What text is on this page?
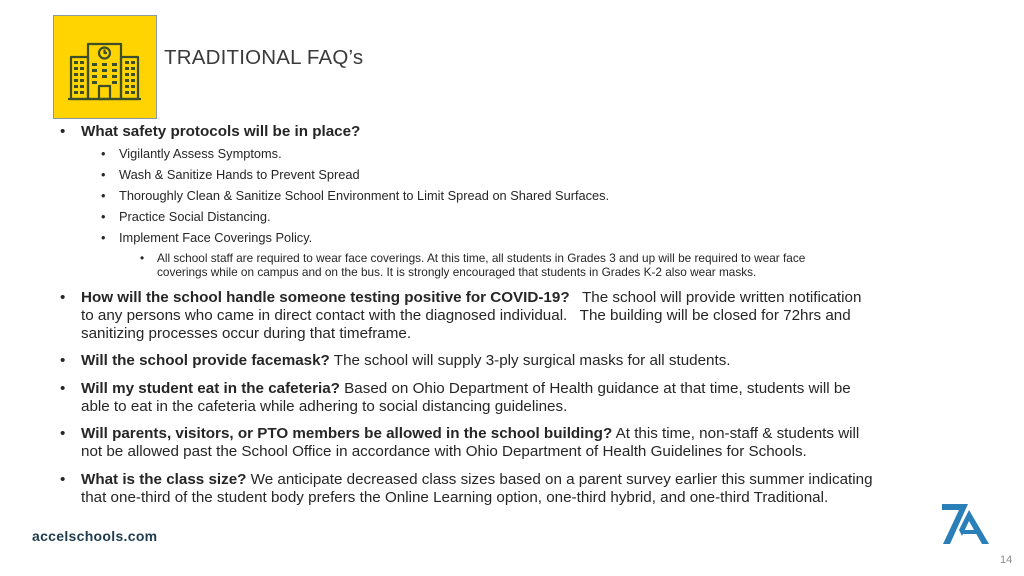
TRADITIONAL FAQ’s
• What safety protocols will be in place?
• Vigilantly Assess Symptoms.
• Wash & Sanitize Hands to Prevent Spread
• Thoroughly Clean & Sanitize School Environment to Limit Spread on Shared Surfaces.
• Practice Social Distancing.
• Implement Face Coverings Policy.
• All school staff are required to wear face coverings. At this time, all students in Grades 3 and up will be required to wear face
coverings while on campus and on the bus. It is strongly encouraged that students in Grades K-2 also wear masks.
• How will the school handle someone testing positive for COVID-19?   The school will provide written notification
to any persons who came in direct contact with the diagnosed individual.   The building will be closed for 72hrs and
sanitizing processes occur during that timeframe.
• Will the school provide facemask? The school will supply 3-ply surgical masks for all students.
• Will my student eat in the cafeteria? Based on Ohio Department of Health guidance at that time, students will be
able to eat in the cafeteria while adhering to social distancing guidelines.
• Will parents, visitors, or PTO members be allowed in the school building? At this time, non-staff & students will
not be allowed past the School Office in accordance with Ohio Department of Health Guidelines for Schools.
• What is the class size? We anticipate decreased class sizes based on a parent survey earlier this summer indicating
that one-third of the student body prefers the Online Learning option, one-third hybrid, and one-third Traditional.
accelschools.com
14
